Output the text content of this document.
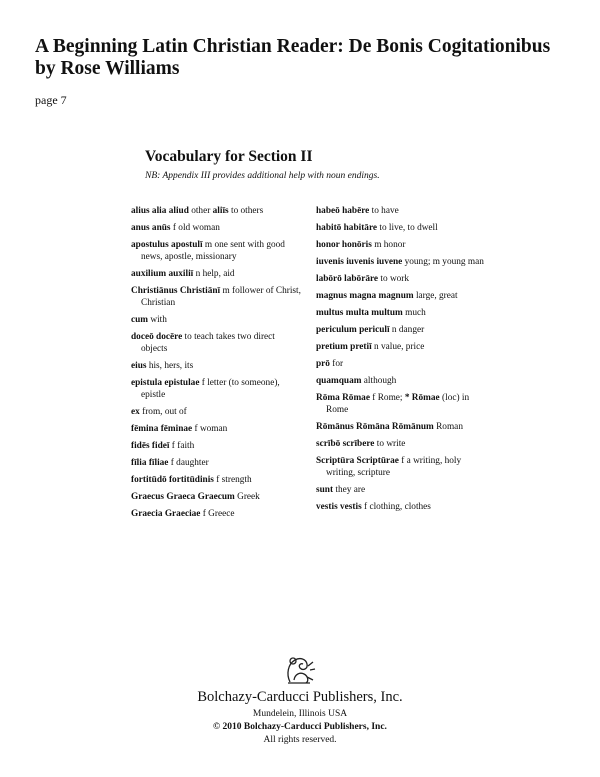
A Beginning Latin Christian Reader: De Bonis Cogitationibus
by Rose Williams
page 7
Vocabulary for Section II
NB: Appendix III provides additional help with noun endings.
alius alia aliud other aliīs to others
anus anūs f old woman
apostulus apostulī m one sent with good news, apostle, missionary
auxilium auxiliī n help, aid
Christiānus Christiānī m follower of Christ, Christian
cum with
doceō docēre to teach takes two direct objects
eius his, hers, its
epistula epistulae f letter (to someone), epistle
ex from, out of
fēmina fēminae f woman
fidēs fideī f faith
fīlia fīliae f daughter
fortitūdō fortitūdinis f strength
Graecus Graeca Graecum Greek
Graecia Graeciae f Greece
habeō habēre to have
habitō habitāre to live, to dwell
honor honōris m honor
iuvenis iuvenis iuvene young; m young man
labōrō labōrāre to work
magnus magna magnum large, great
multus multa multum much
periculum periculī n danger
pretium pretiī n value, price
prō for
quamquam although
Rōma Rōmae f Rome; * Rōmae (loc) in Rome
Rōmānus Rōmāna Rōmānum Roman
scrībō scrībere to write
Scriptūra Scriptūrae f a writing, holy writing, scripture
sunt they are
vestis vestis f clothing, clothes
Bolchazy-Carducci Publishers, Inc.
Mundelein, Illinois USA
© 2010 Bolchazy-Carducci Publishers, Inc.
All rights reserved.
